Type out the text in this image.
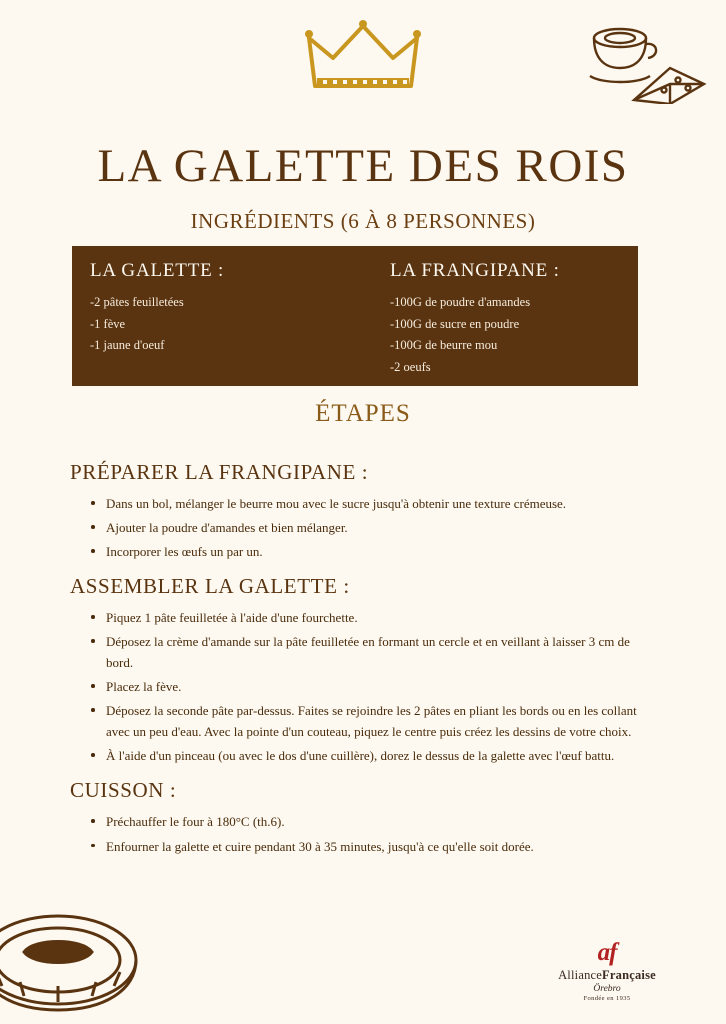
LA GALETTE DES ROIS
INGRÉDIENTS (6 À 8 PERSONNES)
LA GALETTE :
-2 pâtes feuilletées
-1 fève
-1 jaune d'oeuf
LA FRANGIPANE :
-100G de poudre d'amandes
-100G de sucre en poudre
-100G de beurre mou
-2 oeufs
ÉTAPES
PRÉPARER LA FRANGIPANE :
Dans un bol, mélanger le beurre mou avec le sucre jusqu'à obtenir une texture crémeuse.
Ajouter la poudre d'amandes et bien mélanger.
Incorporer les œufs un par un.
ASSEMBLER LA GALETTE :
Piquez 1 pâte feuilletée à l'aide d'une fourchette.
Déposez la crème d'amande sur la pâte feuilletée en formant un cercle et en veillant à laisser 3 cm de bord.
Placez la fève.
Déposez la seconde pâte par-dessus. Faites se rejoindre les 2 pâtes en pliant les bords ou en les collant avec un peu d'eau. Avec la pointe d'un couteau, piquez le centre puis créez les dessins de votre choix.
À l'aide d'un pinceau (ou avec le dos d'une cuillère), dorez le dessus de la galette avec l'œuf battu.
CUISSON :
Préchauffer le four à 180°C (th.6).
Enfourner la galette et cuire pendant 30 à 35 minutes, jusqu'à ce qu'elle soit dorée.
af
AllianceFrançaise
Örebro
Fondée en 1935
